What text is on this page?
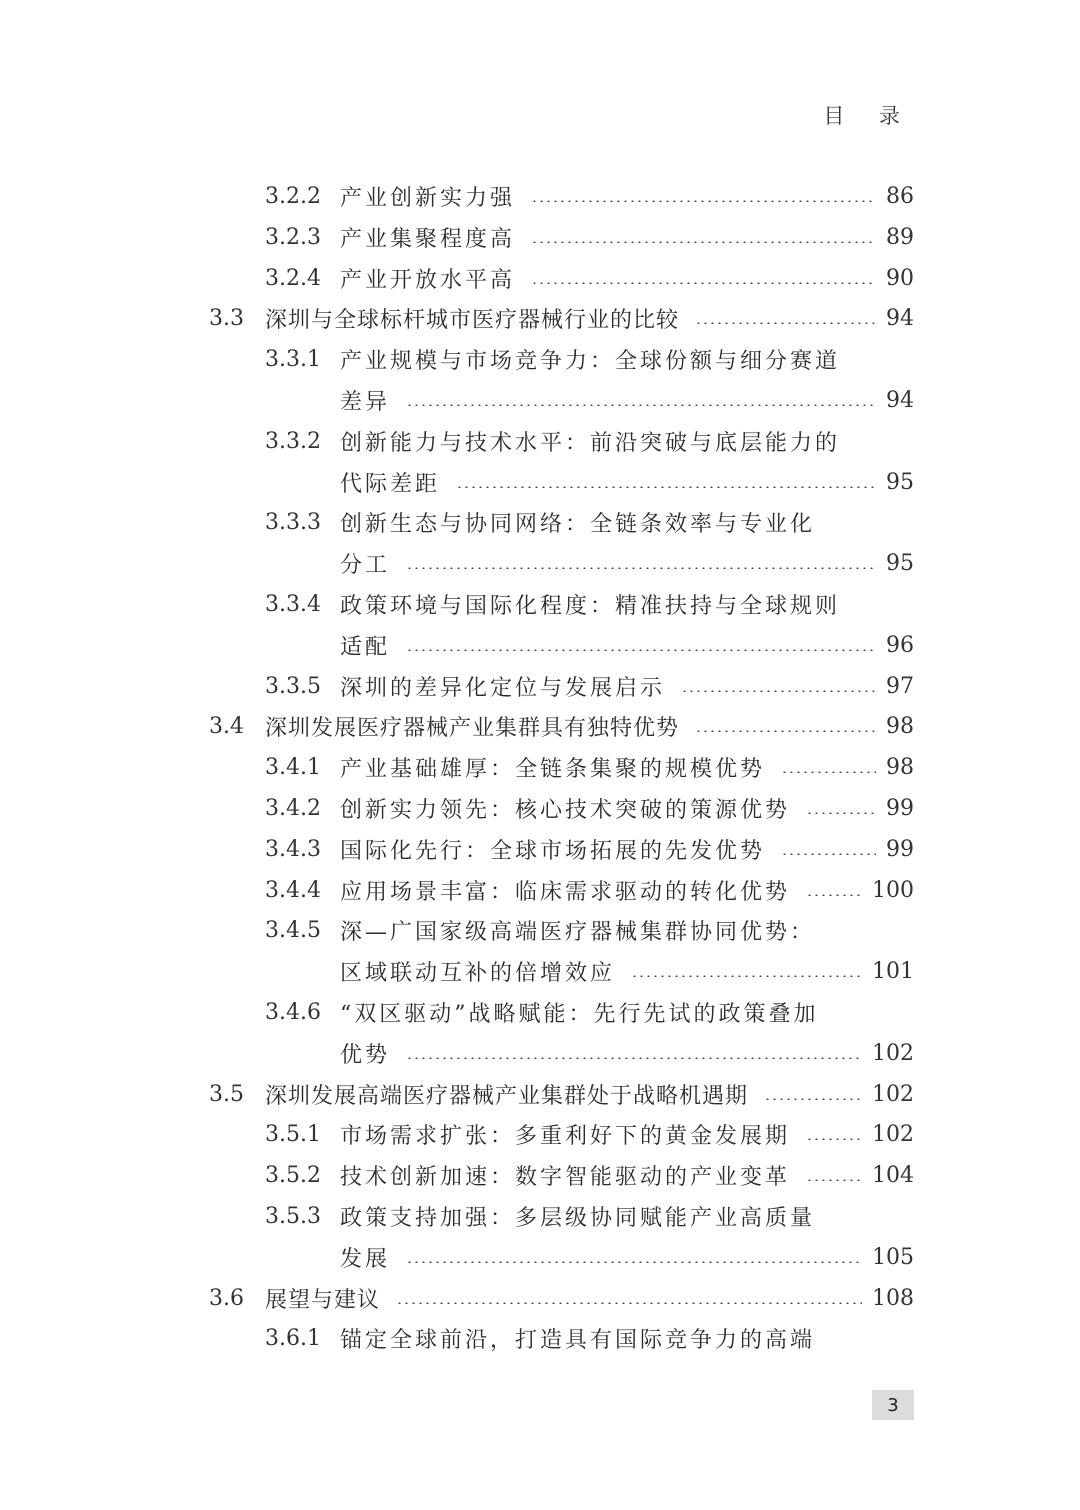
目 录
3.2.2 产业创新实力强	86
3.2.3 产业集聚程度高	89
3.2.4 产业开放水平高	90
3.3 深圳与全球标杆城市医疗器械行业的比较	94
3.3.1 产业规模与市场竞争力：全球份额与细分赛道
差异	94
3.3.2 创新能力与技术水平：前沿突破与底层能力的
代际差距	95
3.3.3 创新生态与协同网络：全链条效率与专业化
分工	95
3.3.4 政策环境与国际化程度：精准扶持与全球规则
适配	96
3.3.5 深圳的差异化定位与发展启示	97
3.4 深圳发展医疗器械产业集群具有独特优势	98
3.4.1 产业基础雄厚：全链条集聚的规模优势	98
3.4.2 创新实力领先：核心技术突破的策源优势	99
3.4.3 国际化先行：全球市场拓展的先发优势	99
3.4.4 应用场景丰富：临床需求驱动的转化优势	100
3.4.5 深—广国家级高端医疗器械集群协同优势：
区域联动互补的倍增效应	101
3.4.6 “双区驱动”战略赋能：先行先试的政策叠加
优势	102
3.5 深圳发展高端医疗器械产业集群处于战略机遇期	102
3.5.1 市场需求扩张：多重利好下的黄金发展期	102
3.5.2 技术创新加速：数字智能驱动的产业变革	104
3.5.3 政策支持加强：多层级协同赋能产业高质量
发展	105
3.6 展望与建议	108
3.6.1 锚定全球前沿，打造具有国际竞争力的高端
3
